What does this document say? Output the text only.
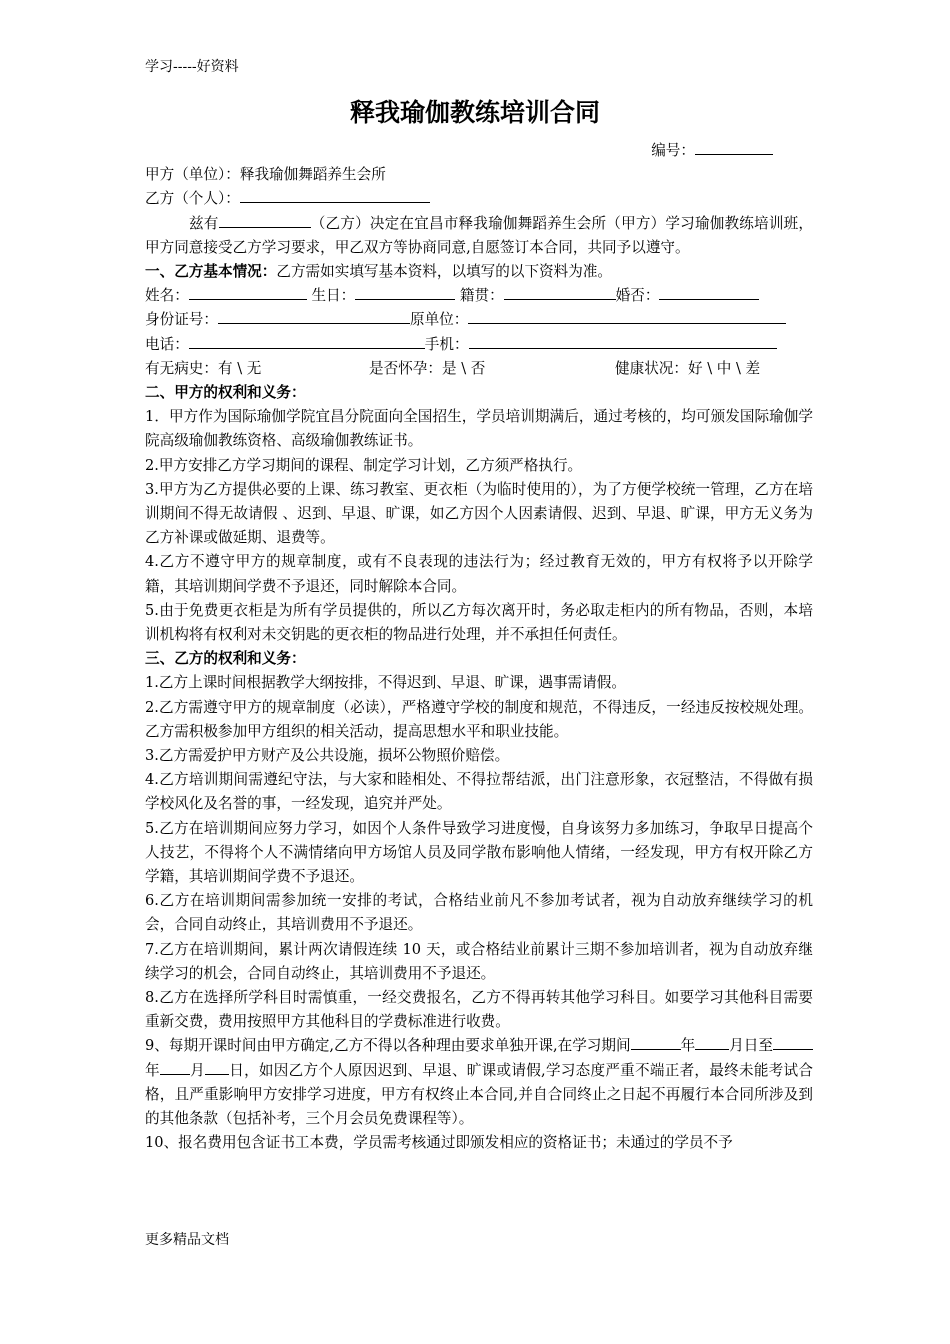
学习-----好资料
释我瑜伽教练培训合同
编号：
甲方（单位）：释我瑜伽舞蹈养生会所
乙方（个人）：

兹有	（乙方）决定在宜昌市释我瑜伽舞蹈养生会所（甲方）学习瑜伽教练培训班，甲方同意接受乙方学习要求，甲乙双方等协商同意,自愿签订本合同，共同予以遵守。

一、乙方基本情况：乙方需如实填写基本资料，以填写的以下资料为准。
姓名：	生日：	籍贯：	婚否：
身份证号：	原单位：
电话：	手机：
有无病史：有 \ 无	是否怀孕：是 \ 否	健康状况：好 \ 中 \ 差
二、甲方的权利和义务：

1．甲方作为国际瑜伽学院宜昌分院面向全国招生，学员培训期满后，通过考核的，均可颁发国际瑜伽学院高级瑜伽教练资格、高级瑜伽教练证书。

2.甲方安排乙方学习期间的课程、制定学习计划，乙方须严格执行。

3.甲方为乙方提供必要的上课、练习教室、更衣柜（为临时使用的），为了方便学校统一管理，乙方在培训期间不得无故请假 、迟到、早退、旷课，如乙方因个人因素请假、迟到、早退、旷课，甲方无义务为乙方补课或做延期、退费等。

4.乙方不遵守甲方的规章制度，或有不良表现的违法行为；经过教育无效的，甲方有权将予以开除学籍，其培训期间学费不予退还，同时解除本合同。

5.由于免费更衣柜是为所有学员提供的，所以乙方每次离开时，务必取走柜内的所有物品，否则，本培训机构将有权利对未交钥匙的更衣柜的物品进行处理，并不承担任何责任。

三、乙方的权利和义务：

1.乙方上课时间根据教学大纲按排，不得迟到、早退、旷课，遇事需请假。

2.乙方需遵守甲方的规章制度（必读），严格遵守学校的制度和规范，不得违反，一经违反按校规处理。乙方需积极参加甲方组织的相关活动，提高思想水平和职业技能。

3.乙方需爱护甲方财产及公共设施，损坏公物照价赔偿。

4.乙方培训期间需遵纪守法，与大家和睦相处、不得拉帮结派，出门注意形象，衣冠整洁，不得做有损学校风化及名誉的事，一经发现，追究并严处。

5.乙方在培训期间应努力学习，如因个人条件导致学习进度慢，自身该努力多加练习，争取早日提高个人技艺，不得将个人不满情绪向甲方场馆人员及同学散布影响他人情绪，一经发现，甲方有权开除乙方学籍，其培训期间学费不予退还。

6.乙方在培训期间需参加统一安排的考试，合格结业前凡不参加考试者，视为自动放弃继续学习的机会，合同自动终止，其培训费用不予退还。

7.乙方在培训期间，累计两次请假连续 10 天，或合格结业前累计三期不参加培训者，视为自动放弃继续学习的机会，合同自动终止，其培训费用不予退还。

8.乙方在选择所学科目时需慎重，一经交费报名，乙方不得再转其他学习科目。如要学习其他科目需要重新交费，费用按照甲方其他科目的学费标准进行收费。

9、每期开课时间由甲方确定,乙方不得以各种理由要求单独开课,在学习期间	年 月日至年 月 日，如因乙方个人原因迟到、早退、旷课或请假,学习态度严重不端正者，最终未能考试合格，且严重影响甲方安排学习进度，甲方有权终止本合同,并自合同终止之日起不再履行本合同所涉及到的其他条款（包括补考，三个月会员免费课程等）。

10、报名费用包含证书工本费，学员需考核通过即颁发相应的资格证书；未通过的学员不予
更多精品文档
